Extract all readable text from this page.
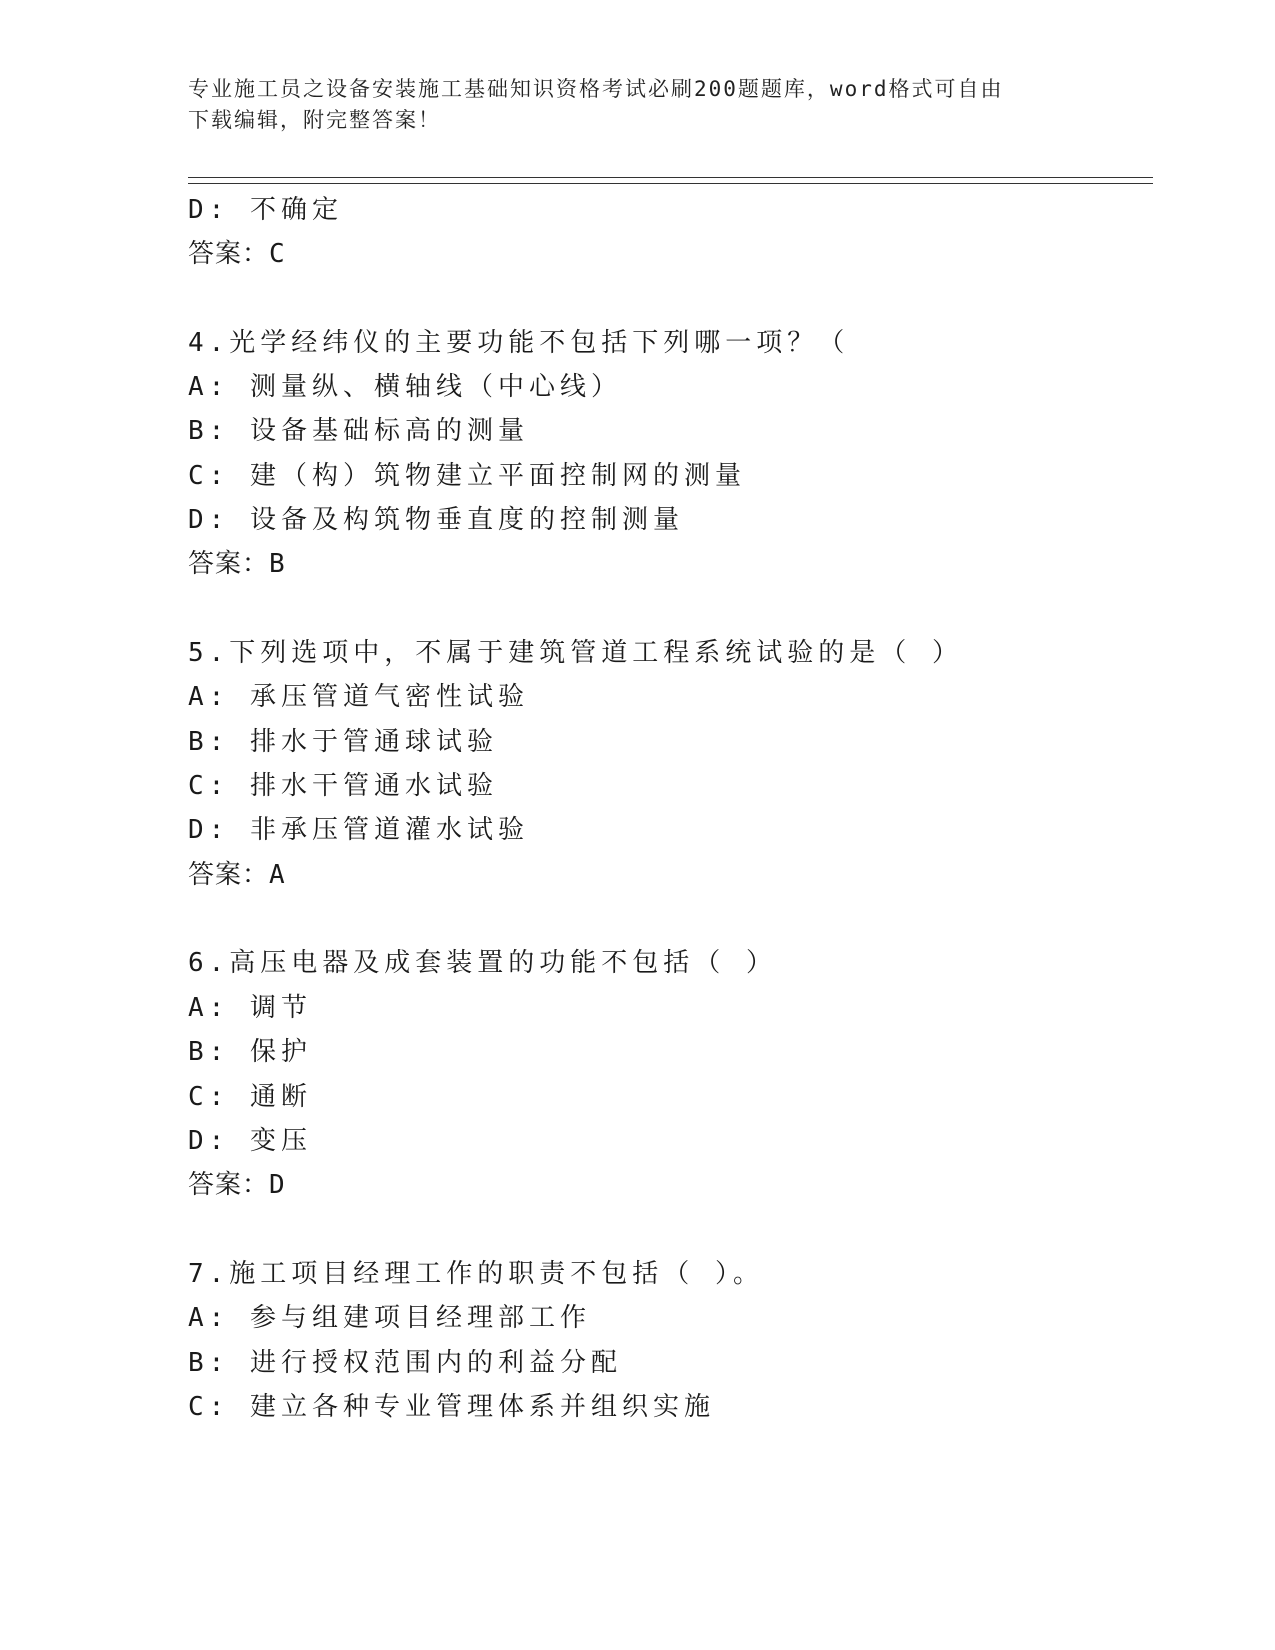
专业施工员之设备安装施工基础知识资格考试必刷200题题库，word格式可自由
下载编辑，附完整答案！
D: 不确定
答案：C
4.光学经纬仪的主要功能不包括下列哪一项？（
A: 测量纵、横轴线（中心线）
B: 设备基础标高的测量
C: 建（构）筑物建立平面控制网的测量
D: 设备及构筑物垂直度的控制测量
答案：B
5.下列选项中，不属于建筑管道工程系统试验的是（ ）
A: 承压管道气密性试验
B: 排水于管通球试验
C: 排水干管通水试验
D: 非承压管道灌水试验
答案：A
6.高压电器及成套装置的功能不包括（ ）
A: 调节
B: 保护
C: 通断
D: 变压
答案：D
7.施工项目经理工作的职责不包括（ ）。
A: 参与组建项目经理部工作
B: 进行授权范围内的利益分配
C: 建立各种专业管理体系并组织实施
